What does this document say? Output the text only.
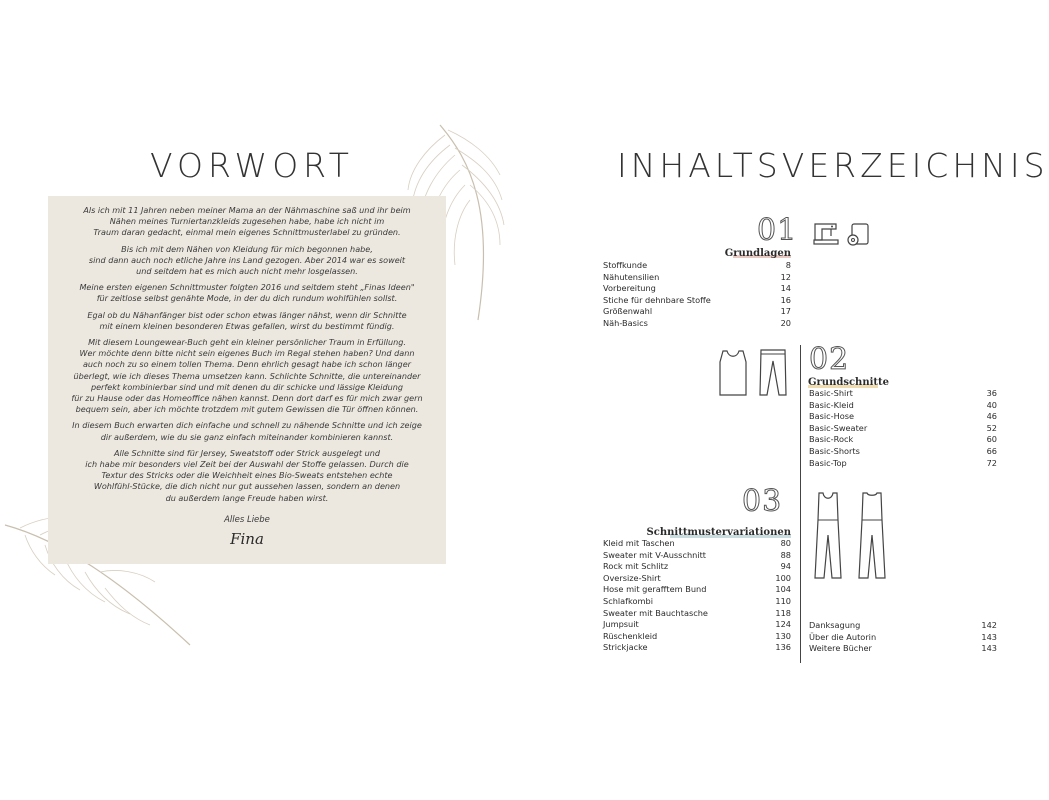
VORWORT

Als ich mit 11 Jahren neben meiner Mama an der Nähmaschine saß und ihr beim
Nähen meines Turniertanzkleids zugesehen habe, habe ich nicht im
Traum daran gedacht, einmal mein eigenes Schnittmusterlabel zu gründen.

Bis ich mit dem Nähen von Kleidung für mich begonnen habe,
sind dann auch noch etliche Jahre ins Land gezogen. Aber 2014 war es soweit
und seitdem hat es mich auch nicht mehr losgelassen.

Meine ersten eigenen Schnittmuster folgten 2016 und seitdem steht „Finas Ideen"
für zeitlose selbst genähte Mode, in der du dich rundum wohlfühlen sollst.

Egal ob du Nähanfänger bist oder schon etwas länger nähst, wenn dir Schnitte
mit einem kleinen besonderen Etwas gefallen, wirst du bestimmt fündig.

Mit diesem Loungewear-Buch geht ein kleiner persönlicher Traum in Erfüllung.
Wer möchte denn bitte nicht sein eigenes Buch im Regal stehen haben? Und dann
auch noch zu so einem tollen Thema. Denn ehrlich gesagt habe ich schon länger
überlegt, wie ich dieses Thema umsetzen kann. Schlichte Schnitte, die untereinander
perfekt kombinierbar sind und mit denen du dir schicke und lässige Kleidung
für zu Hause oder das Homeoffice nähen kannst. Denn dort darf es für mich zwar gern
bequem sein, aber ich möchte trotzdem mit gutem Gewissen die Tür öffnen können.

In diesem Buch erwarten dich einfache und schnell zu nähende Schnitte und ich zeige
dir außerdem, wie du sie ganz einfach miteinander kombinieren kannst.

Alle Schnitte sind für Jersey, Sweatstoff oder Strick ausgelegt und
ich habe mir besonders viel Zeit bei der Auswahl der Stoffe gelassen. Durch die
Textur des Stricks oder die Weichheit eines Bio-Sweats entstehen echte
Wohlfühl-Stücke, die dich nicht nur gut aussehen lassen, sondern an denen
du außerdem lange Freude haben wirst.

Alles Liebe
Fina
INHALTSVERZEICHNIS
01
Grundlagen
Stoffkunde	8
Nähutensilien	12
Vorbereitung	14
Stiche für dehnbare Stoffe	16
Größenwahl	17
Näh-Basics	20
02
Grundschnitte
Basic-Shirt	36
Basic-Kleid	40
Basic-Hose	46
Basic-Sweater	52
Basic-Rock	60
Basic-Shorts	66
Basic-Top	72
03
Schnittmustervariationen
Kleid mit Taschen	80
Sweater mit V-Ausschnitt	88
Rock mit Schlitz	94
Oversize-Shirt	100
Hose mit gerafftem Bund	104
Schlafkombi	110
Sweater mit Bauchtasche	118
Jumpsuit	124
Rüschenkleid	130
Strickjacke	136
Danksagung	142
Über die Autorin	143
Weitere Bücher	143
